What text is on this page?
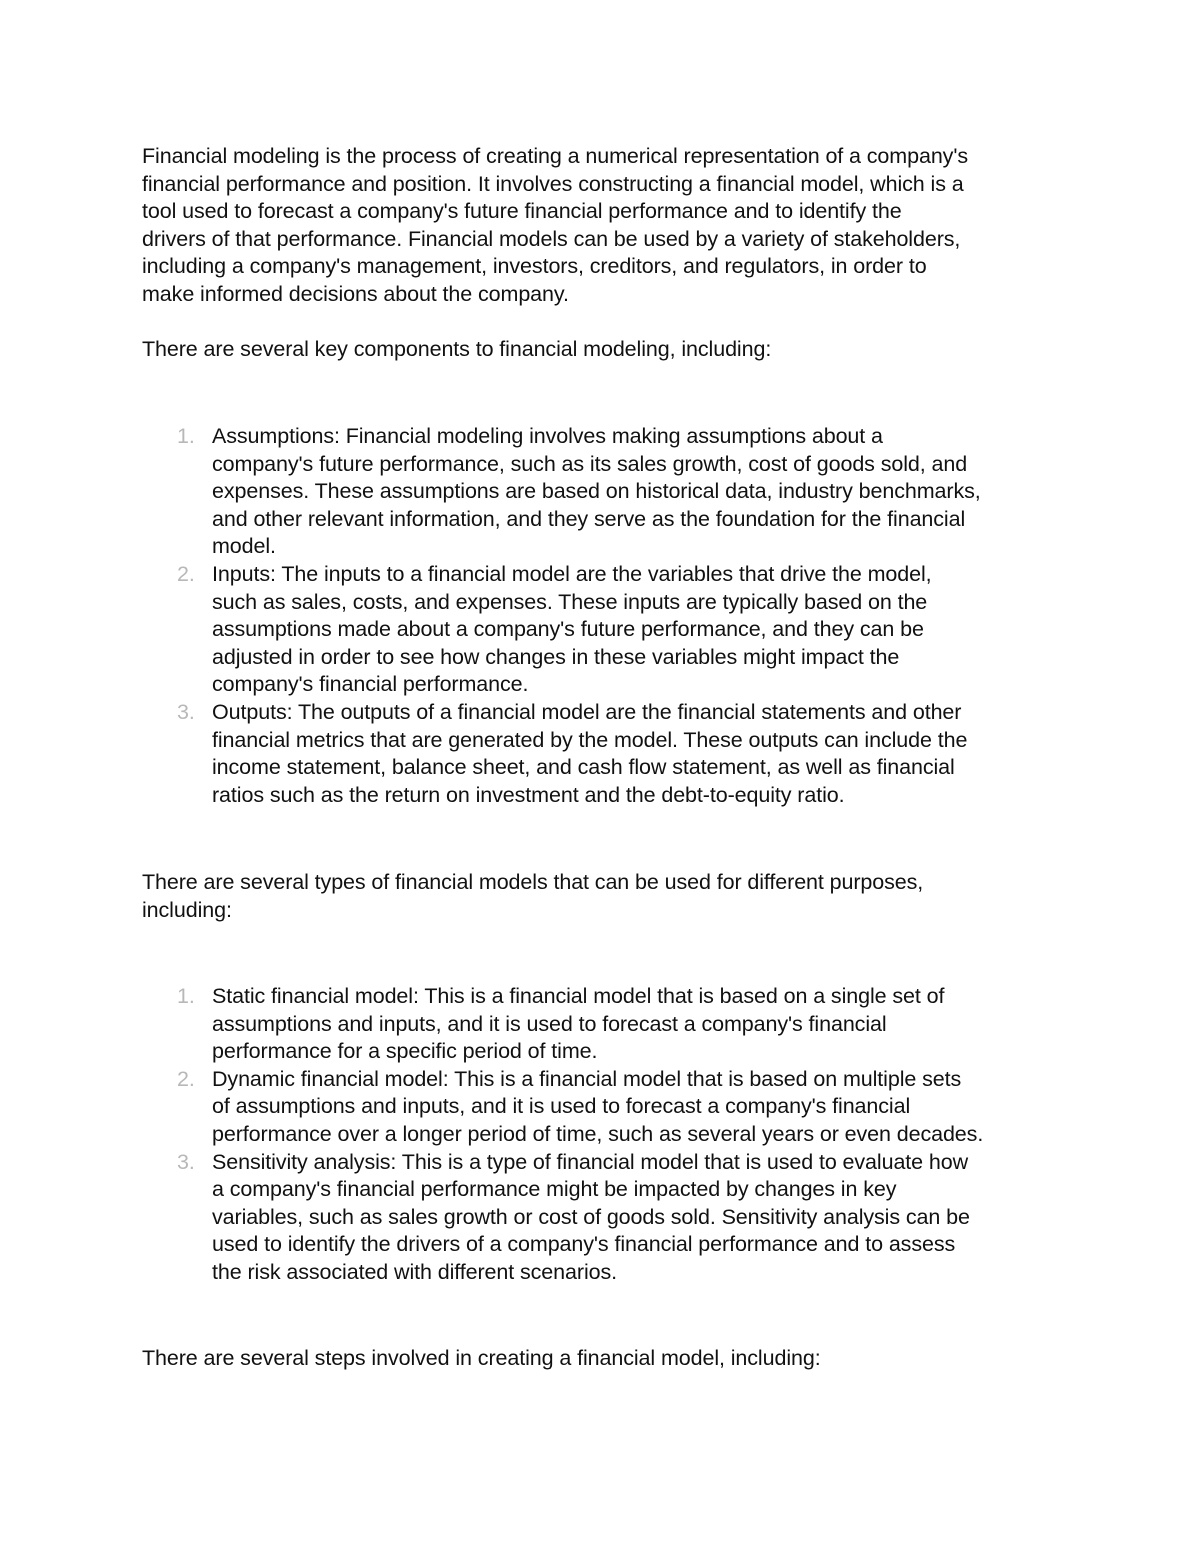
Financial modeling is the process of creating a numerical representation of a company's
financial performance and position. It involves constructing a financial model, which is a
tool used to forecast a company's future financial performance and to identify the
drivers of that performance. Financial models can be used by a variety of stakeholders,
including a company's management, investors, creditors, and regulators, in order to
make informed decisions about the company.

There are several key components to financial modeling, including:

1. Assumptions: Financial modeling involves making assumptions about a
company's future performance, such as its sales growth, cost of goods sold, and
expenses. These assumptions are based on historical data, industry benchmarks,
and other relevant information, and they serve as the foundation for the financial
model.
2. Inputs: The inputs to a financial model are the variables that drive the model,
such as sales, costs, and expenses. These inputs are typically based on the
assumptions made about a company's future performance, and they can be
adjusted in order to see how changes in these variables might impact the
company's financial performance.
3. Outputs: The outputs of a financial model are the financial statements and other
financial metrics that are generated by the model. These outputs can include the
income statement, balance sheet, and cash flow statement, as well as financial
ratios such as the return on investment and the debt-to-equity ratio.

There are several types of financial models that can be used for different purposes,
including:

1. Static financial model: This is a financial model that is based on a single set of
assumptions and inputs, and it is used to forecast a company's financial
performance for a specific period of time.
2. Dynamic financial model: This is a financial model that is based on multiple sets
of assumptions and inputs, and it is used to forecast a company's financial
performance over a longer period of time, such as several years or even decades.
3. Sensitivity analysis: This is a type of financial model that is used to evaluate how
a company's financial performance might be impacted by changes in key
variables, such as sales growth or cost of goods sold. Sensitivity analysis can be
used to identify the drivers of a company's financial performance and to assess
the risk associated with different scenarios.

There are several steps involved in creating a financial model, including:
